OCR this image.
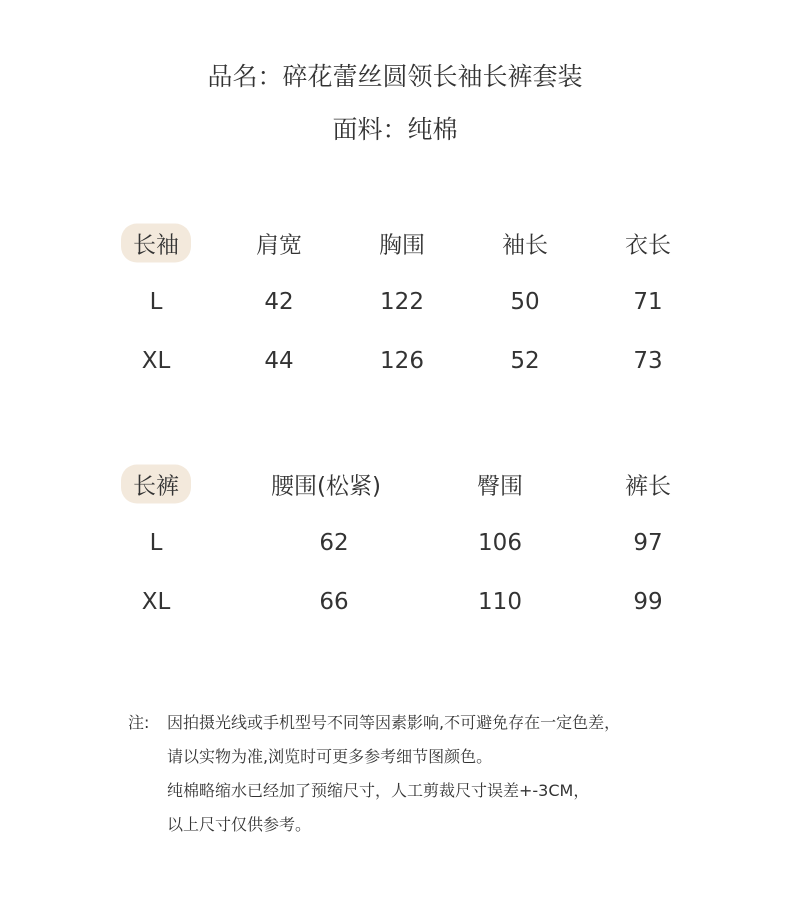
品名：碎花蕾丝圆领长袖长裤套装
面料：纯棉
长袖	肩宽	胸围	袖长	衣长
L	42	122	50	71
XL	44	126	52	73
长裤	腰围(松紧)	臀围	裤长
L	62	106	97
XL	66	110	99
注: 因拍摄光线或手机型号不同等因素影响,不可避免存在一定色差，
请以实物为准,浏览时可更多参考细节图颜色。
纯棉略缩水已经加了预缩尺寸，人工剪裁尺寸误差+-3CM，
以上尺寸仅供参考。
